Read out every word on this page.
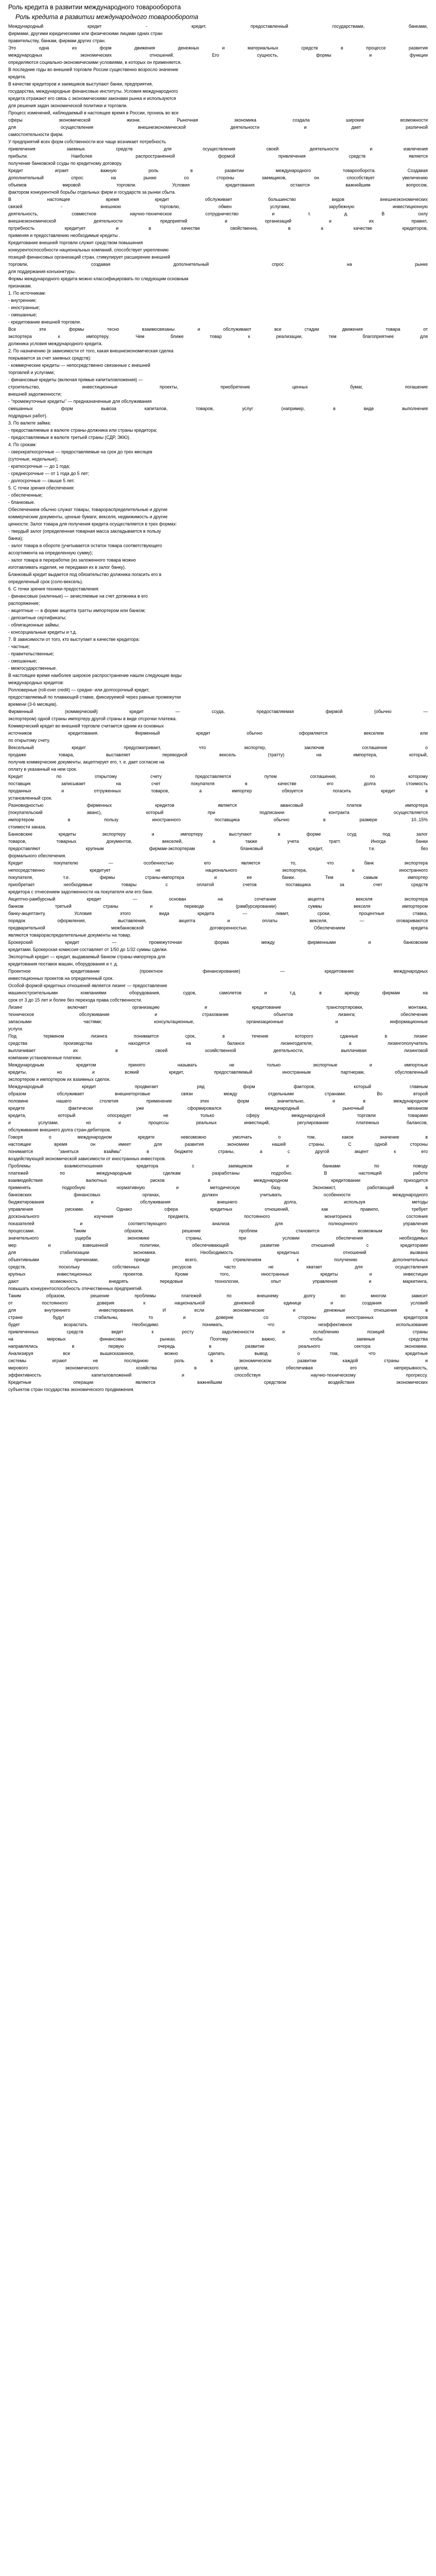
Роль кредита в развитии международного товарооборота
Роль кредита в развитии международного товарооборота
Международный кредит - кредит, предоставленный государствами, банками,
фирмами, другими юридическими или физическими лицами одних стран
правительству, банкам, фирмам других стран.
Это одна из форм движения денежных и материальных средств в процессе развития
международных экономических отношений. Его сущность, формы и функции
определяются социально-экономическими условиями, в которых он применяется.
В последние годы во внешней торговле России существенно возросло значение
кредита.
В качестве кредиторов и заемщиков выступают банки, предприятия,
государства, международные финансовые институты. Условия международного
кредита отражают его связь с экономическими законами рынка и используются
для решения задач экономической политики и торговли.
Процесс изменений, наблюдаемый в настоящее время в России, пронизь во все
сферы экономической жизни. Рыночная экономика создала широкие возможности
для осуществления внешнеэкономической деятельности и дает различной
самостоятельности фирм.
У предприятий всех форм собственности все чаще возникает потребность
привлечения заемных средств для осуществления своей деятельности и извлечения
прибыли. Наиболее распространенной формой привлечения средств является
получение банковской ссуды по кредитному договору.
Кредит играет важную роль в развитии международного товарооборота. Создавая
дополнительный спрос на рынке со стороны заемщиков, он способствует увеличению
объемов мировой торговли. Условия кредитования остаются важнейшим вопросом,
фактором конкурентной борьбы отдельных фирм и государств за рынки сбыта.
В настоящее время кредит обслуживает большинство видов внешнеэкономических
связей - внешнюю торговлю, обмен услугами, зарубежную инвестиционную
деятельность, совместное научно-техническое сотрудничество и т. д. В силу
внешнеэкономической деятельности предприятий и организаций и их правил,
пртребность кредитует и в качестве свойственна, в а качестве кредиторов,
применяя и предоставлению необходимые кредиты .
Кредитование внешней торговли служит средством повышения
конкурентоспособности национальных компаний, способствует укреплению
позиций финансовых организаций стран, стимулирует расширение внешней
торговли, создавая дополнительный спрос на рынке
для поддержания конъюнктуры.
Формы международного кредита можно классифицировать по следующим основным
признакам.
1. По источникам:
- внутренние;
- иностранные;
- смешанные;
- кредитование внешней торговли.
Все эти формы тесно взаимосвязаны и обслуживают все стадии движения товара от
экспортера к импортеру. Чем ближе товар к реализации, тем благоприятнее для
должника условия международного кредита.
2. По назначению (в зависимости от того, какая внешнеэкономическая сделка
покрывается за счет заемных средств):
- коммерческие кредиты — непосредственно связанные с внешней
торговлей и услугами;
- финансовые кредиты (включая прямые капиталовложения) —
строительство, инвестиционные проекты, приобретение ценных бумаг, погашение
внешней задолженности;
- "промежуточные кредиты" — предназначенные для обслуживания
смешанных форм вывоза капиталов, товаров, услуг (например, в виде выполнения
подрядных работ).
3. По валюте займа:
- предоставляемые в валюте страны-должника или страны кредитора;
- предоставляемые в валюте третьей страны (СДР, ЭКЮ).
4. По срокам:
- сверхкраткосрочные — предоставляемые на срок до трех месяцев
(суточные, недельные);
- краткосрочные — до 1 года;
- среднесрочные — от 1 года до 5 лет;
- долгосрочные — свыше 5 лет.
5. С точки зрения обеспечения:
- обеспеченные;
- бланковые.
Обеспечением обычно служат товары, товарораспределительные и другие
коммерческие документы, ценные бумаги, векселя, недвижимость и другие
ценности. Залог товара для получения кредита осуществляется в трех формах:
- твердый залог (определенная товарная масса закладывается в пользу
банка);
- залог товара в обороте (учитывается остаток товара соответствующего
ассортимента на определенную сумму);
- залог товара в переработке (из заложенного товара можно
изготавливать изделия, не передавая их в залог банку).
Бланковый кредит выдается под обязательство должника погасить его в
определенный срок (соло-вексель).
6. С точки зрения техники предоставления:
- финансовые (наличные) — зачисляемые на счет должника в его
распоряжение;
- акцептные — в форме акцепта тратты импортером или банком;
- депозитные сертификаты;
- облигационные займы;
- консорциальные кредиты и т.д.
7. В зависимости от того, кто выступает в качестве кредитора:
- частные;
- правительственные;
- смешанные;
- межгосударственные.
В настоящее время наиболее широкое распространение нашли следующие виды
международных кредитов:
Ролловерные (roll-over credit) — средне- или долгосрочный кредит,
предоставляемый по плавающей ставке, фиксируемой через равные промежутки
времени (3-6 месяцев).
Фирменный (коммерческий) кредит — ссуда, предоставляемая фирмой (обычно —
экспортером) одной страны импортеру другой страны в виде отсрочки платежа.
Коммерческий кредит во внешней торговле считается одним из основных
источников кредитования. Фирменный кредит обычно оформляется векселем или
по открытому счету.
Вексельный кредит предусматривает, что экспортер, заключив соглашение о
продаже товара, выставляет переводной вексель (тратту) на импортера, который,
получив коммерческие документы, акцептирует его, т. е. дает согласие на
оплату в указанный на нем срок.
Кредит по открытому счету предоставляется путем соглашения, по которому
поставщик записывает на счет покупателя в качестве его долга стоимость
проданных и отгруженных товаров, а импортер обязуется погасить кредит в
установленный срок.
Разновидностью фирменных кредитов является авансовый платеж импортера
(покупательский аванс), который при подписании контракта осуществляется
импортером в пользу иностранного поставщика обычно в размере 10..15%
стоимости заказа.
Банковские кредиты экспортеру и импортеру выступают в форме ссуд под залог
товаров, товарных документов, векселей, а также учета тратт. Иногда банки
предоставляют крупным фирмам-экспортерам бланковый кредит, т.е. без
формального обеспечения.
Кредит покупателю — особенностью его является то, что банк экспортера
непосредственно кредитует не национального экспортера, а иностранного
покупателя, т.е. фирмы страны-импортера и ее банки. Тем самым импортер
приобретает необходимые товары с оплатой счетов поставщика за счет средств
кредитора с отнесением задолженности на покупателя или его банк.
Акцептно-рамбурсный кредит — основан на сочетании акцепта векселя экспортера
банком третьей страны и переводе (рамбурсировании) суммы векселя импортером
банку-акцептанту. Условия этого вида кредита — лимит, сроки, процентные ставка,
порядок оформления, выставления, акцепта и оплаты векселя, — оговариваются
предварительной межбанковской договоренностью. Обеспечением кредита
являются товарораспределительные документы на товар.
Брокерский кредит — промежуточная форма между фирменными и банковским
кредитами. Брокерская комиссия составляет от 1/50 до 1/32 суммы сделки.
Экспортный кредит — кредит, выдаваемый банком страны-импортера для
кредитования поставок машин, оборудования и т. д.
Проектное кредитование (проектное финансирование) — кредитование международных
инвестиционных проектов на определенный срок.
Особой формой кредитных отношений является лизинг — предоставление
машиностроительными компаниями оборудования, судов, самолетов и т.д. в аренду фирмам на
срок от 3 до 15 лет и более без перехода права собственности.
Лизинг включает организацию и кредитование транспортировки, монтажа,
техническое обслуживание и страхование объектов лизинга; обеспечение
запасными частями; консультационные, организационные и информационные
услуги.
Под термином лизинга понимается срок, в течение которого сданные в лизинг
средства производства находятся на балансе лизингодателя, а лизингополучатель
выплачивает их в своей хозяйственной деятельности, выплачивая лизинговой
компании установленные платежи.
Международным кредитом принято называть не только экспортные и импортные
кредиты, но и всякий кредит, предоставляемый иностранным партнерам, обусловленный
экспортером и импортером их взаимных сделок.
Международный кредит продвигает ряд форм факторов, который главным
образом обслуживает внешнеторговые связи между отдельными странами. Во второй
половине нашего столетия применение этих форм значительно, и в международном
кредите фактически уже сформировался международный рыночный механизм
кредита, который опосредует не только сферу международной торговли товарами
и услугами, но и процессы реальных инвестиций, регулирование платежных балансов,
обслуживание внешнего долга стран-дебиторов.
Говоря о международном кредите невозможно умолчать о том, какое значение в
настоящее время он имеет для развития экономики нашей страны. С одной стороны
понимается "заняться взаймы" в бюджете страны, а с другой акцент к его
воздействующей экономической зависимости от иностранных инвесторов.
Проблемы взаимоотношения кредитора с заемщиком и банками по поводу
платежей по международным сделкам разработаны подробно. В настоящей работе
взаимодействия валютных рисков в международном кредитовании приходится
применять подробную нормативную и методическую базу. Экономист, работающий в
банковских финансовых органах, должен учитывать особенности международного
бюджетирования и обслуживания внешнего долга, используя методы
управления рисками. Однако сфера кредитных отношений, как правило, требует
досконального изучения предмета, постоянного мониторинга состояния
показателей и соответствующего анализа для полноценного управления
процессами. Таким образом, решение проблем становится возможным без
значительного ущерба экономике страны, при условии обеспечения необходимых
мер и взвешенной политики, обеспечивающей развитие отношений с кредиторами
для стабилизации экономики. Необходимость кредитных отношений вызвана
объективными причинами, прежде всего, стремлением к получению дополнительных
средств, поскольку собственных ресурсов часто не хватает для осуществления
крупных инвестиционных проектов. Кроме того, иностранные кредиты и инвестиции
дают возможность внедрять передовые технологии, опыт управления и маркетинга,
повышать конкурентоспособность отечественных предприятий.
Таким образом, решение проблемы платежей по внешнему долгу во многом зависит
от постоянного доверия к национальной денежной единице и создания условий
для внутреннего инвестирования. И если экономические и денежные отношения в
стране будут стабильны, то и доверие со стороны иностранных кредиторов
будет возрастать. Необходимо понимать, что неэффективное использование
привлеченных средств ведет к росту задолженности и ослаблению позиций страны
на мировых финансовых рынках. Поэтому важно, чтобы заемные средства
направлялись в первую очередь в развитие реального сектора экономики.
Анализируя все вышесказанное, можно сделать вывод о том, что кредитные
системы играют не последнюю роль в экономическом развитии каждой страны и
мирового экономического хозяйства в целом, обеспечивая его непрерывность,
эффективность капиталовложений и способствуя научно-техническому прогрессу.
Кредитные операции являются важнейшим средством воздействия экономических
субъектов стран государства экономического продвижения.
